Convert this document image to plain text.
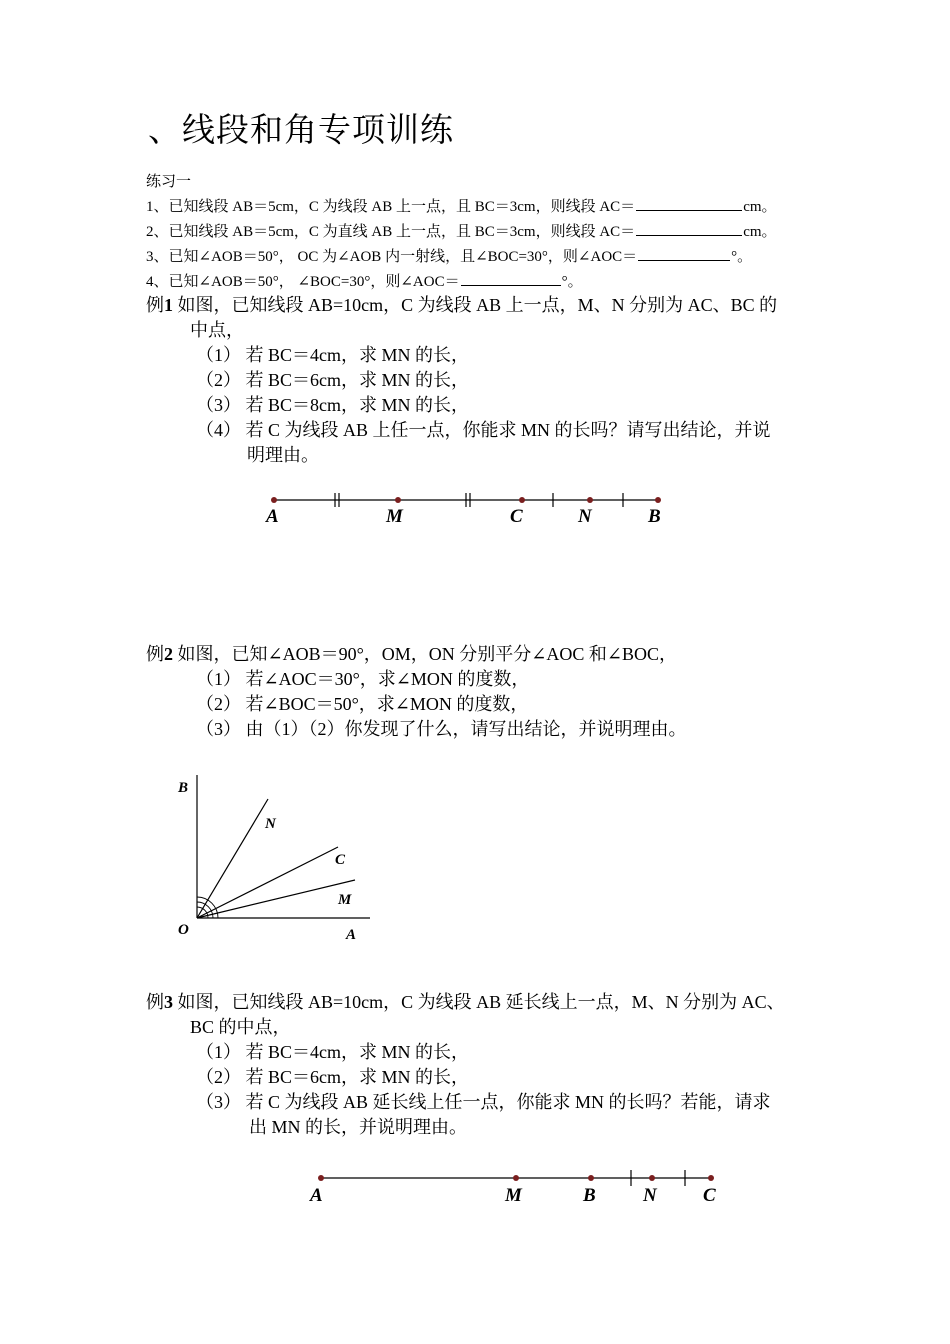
、线段和角专项训练
练习一
1、已知线段 AB＝5cm，C 为线段 AB 上一点，且 BC＝3cm，则线段 AC＝	cm。
2、已知线段 AB＝5cm，C 为直线 AB 上一点，且 BC＝3cm，则线段 AC＝	cm。
3、已知∠AOB＝50°， OC 为∠AOB 内一射线，且∠BOC=30°，则∠AOC＝	°。
4、已知∠AOB＝50°， ∠BOC=30°，则∠AOC＝	°。
例1 如图，已知线段 AB=10cm，C 为线段 AB 上一点，M、N 分别为 AC、BC 的
中点，
（1） 若 BC＝4cm，求 MN 的长，
（2） 若 BC＝6cm，求 MN 的长，
（3） 若 BC＝8cm，求 MN 的长，
（4） 若 C 为线段 AB 上任一点，你能求 MN 的长吗？请写出结论，并说
明理由。
A	M	C	N	B
例2 如图，已知∠AOB＝90°，OM，ON 分别平分∠AOC 和∠BOC，
（1） 若∠AOC＝30°，求∠MON 的度数，
（2） 若∠BOC＝50°，求∠MON 的度数，
（3） 由（1）（2）你发现了什么，请写出结论，并说明理由。
B
N
C
M
O	A
例3 如图，已知线段 AB=10cm，C 为线段 AB 延长线上一点，M、N 分别为 AC、
BC 的中点，
（1） 若 BC＝4cm，求 MN 的长，
（2） 若 BC＝6cm，求 MN 的长，
（3） 若 C 为线段 AB 延长线上任一点，你能求 MN 的长吗？若能，请求
出 MN 的长，并说明理由。
A	M	B N C
